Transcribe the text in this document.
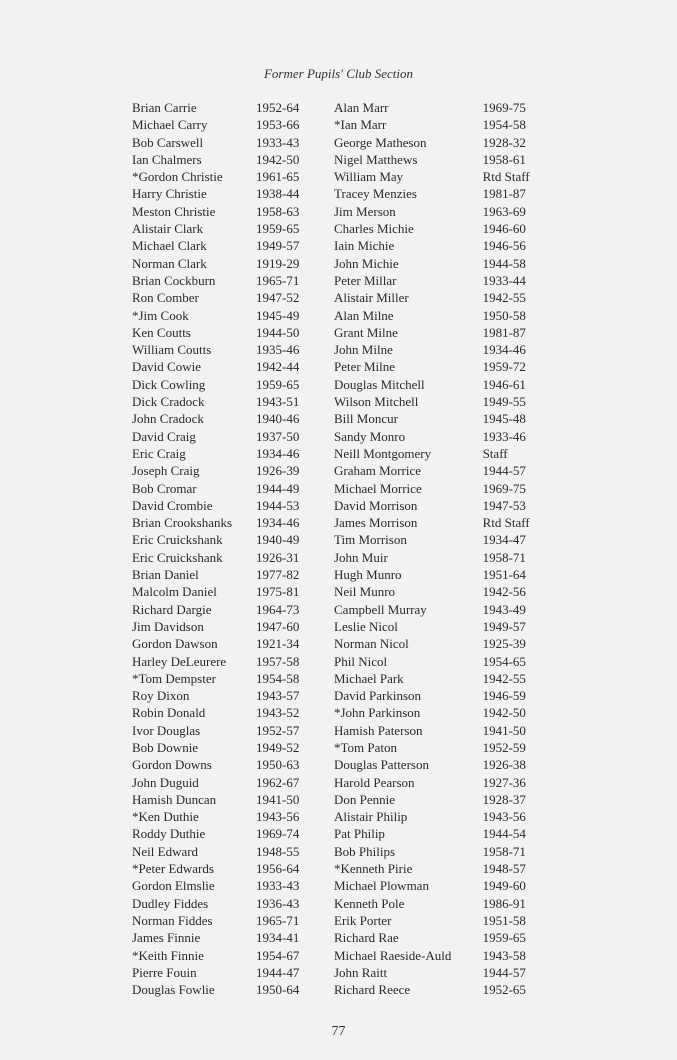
Former Pupils' Club Section
Brian Carrie	1952-64
Michael Carry	1953-66
Bob Carswell	1933-43
Ian Chalmers	1942-50
*Gordon Christie	1961-65
Harry Christie	1938-44
Meston Christie	1958-63
Alistair Clark	1959-65
Michael Clark	1949-57
Norman Clark	1919-29
Brian Cockburn	1965-71
Ron Comber	1947-52
*Jim Cook	1945-49
Ken Coutts	1944-50
William Coutts	1935-46
David Cowie	1942-44
Dick Cowling	1959-65
Dick Cradock	1943-51
John Cradock	1940-46
David Craig	1937-50
Eric Craig	1934-46
Joseph Craig	1926-39
Bob Cromar	1944-49
David Crombie	1944-53
Brian Crookshanks	1934-46
Eric Cruickshank	1940-49
Eric Cruickshank	1926-31
Brian Daniel	1977-82
Malcolm Daniel	1975-81
Richard Dargie	1964-73
Jim Davidson	1947-60
Gordon Dawson	1921-34
Harley DeLeurere	1957-58
*Tom Dempster	1954-58
Roy Dixon	1943-57
Robin Donald	1943-52
Ivor Douglas	1952-57
Bob Downie	1949-52
Gordon Downs	1950-63
John Duguid	1962-67
Hamish Duncan	1941-50
*Ken Duthie	1943-56
Roddy Duthie	1969-74
Neil Edward	1948-55
*Peter Edwards	1956-64
Gordon Elmslie	1933-43
Dudley Fiddes	1936-43
Norman Fiddes	1965-71
James Finnie	1934-41
*Keith Finnie	1954-67
Pierre Fouin	1944-47
Douglas Fowlie	1950-64
Alan Marr	1969-75
*Ian Marr	1954-58
George Matheson	1928-32
Nigel Matthews	1958-61
William May	Rtd Staff
Tracey Menzies	1981-87
Jim Merson	1963-69
Charles Michie	1946-60
Iain Michie	1946-56
John Michie	1944-58
Peter Millar	1933-44
Alistair Miller	1942-55
Alan Milne	1950-58
Grant Milne	1981-87
John Milne	1934-46
Peter Milne	1959-72
Douglas Mitchell	1946-61
Wilson Mitchell	1949-55
Bill Moncur	1945-48
Sandy Monro	1933-46
Neill Montgomery	Staff
Graham Morrice	1944-57
Michael Morrice	1969-75
David Morrison	1947-53
James Morrison	Rtd Staff
Tim Morrison	1934-47
John Muir	1958-71
Hugh Munro	1951-64
Neil Munro	1942-56
Campbell Murray	1943-49
Leslie Nicol	1949-57
Norman Nicol	1925-39
Phil Nicol	1954-65
Michael Park	1942-55
David Parkinson	1946-59
*John Parkinson	1942-50
Hamish Paterson	1941-50
*Tom Paton	1952-59
Douglas Patterson	1926-38
Harold Pearson	1927-36
Don Pennie	1928-37
Alistair Philip	1943-56
Pat Philip	1944-54
Bob Philips	1958-71
*Kenneth Pirie	1948-57
Michael Plowman	1949-60
Kenneth Pole	1986-91
Erik Porter	1951-58
Richard Rae	1959-65
Michael Raeside-Auld	1943-58
John Raitt	1944-57
Richard Reece	1952-65
77
